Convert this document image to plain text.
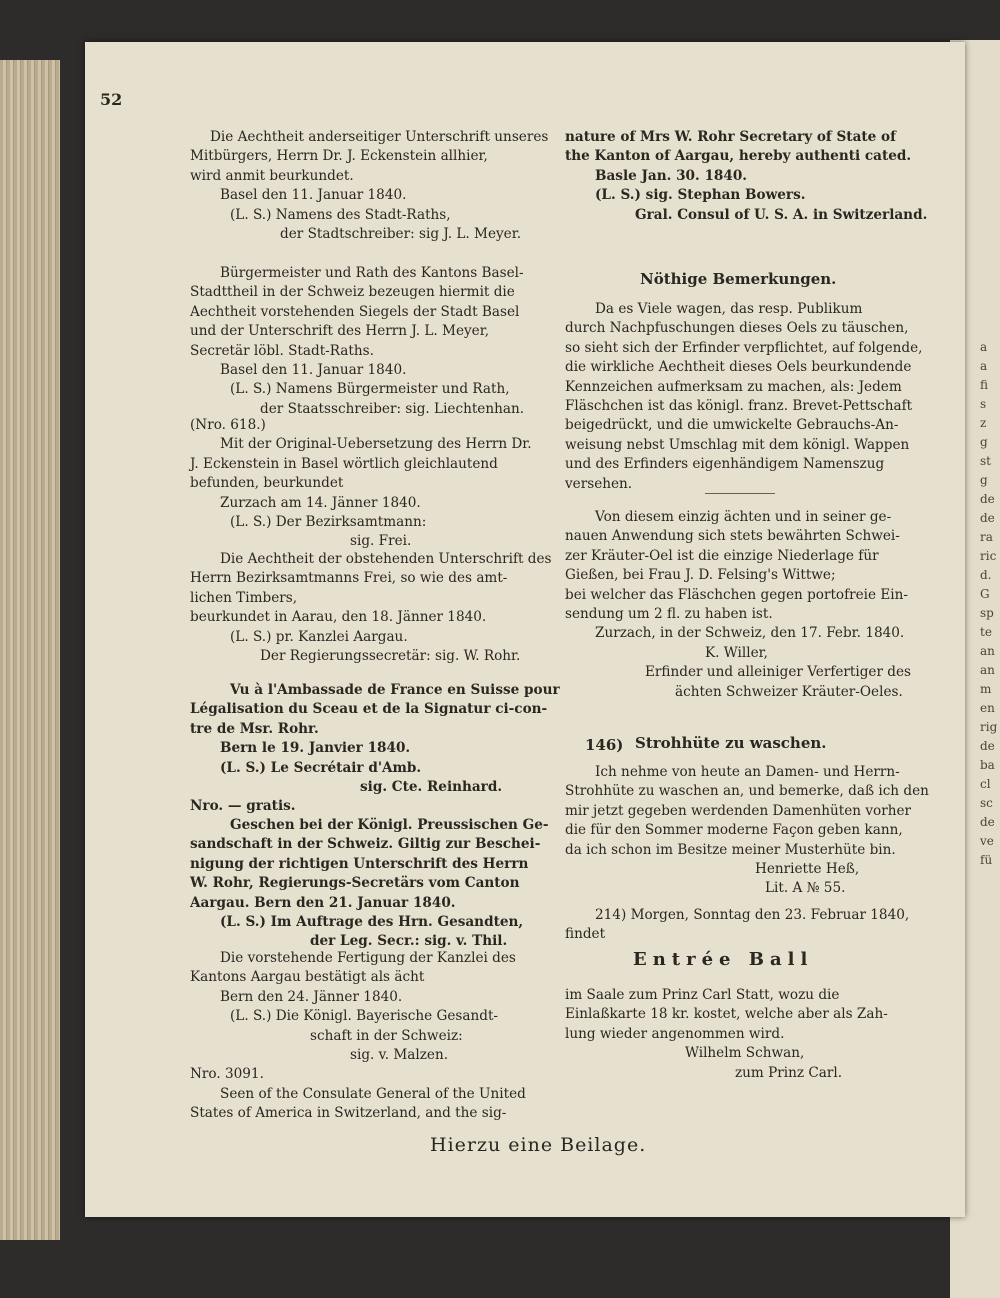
a
a
fi
s
z
g
st
g
de
de
ra
ric
d.
G
sp
te
an
an
m
en
rig
de
ba
cl
sc
de
ve
fü
52
Die Aechtheit anderseitiger Unterschrift unseres
Mitbürgers, Herrn Dr. J. Eckenstein allhier,
wird anmit beurkundet.
Basel den 11. Januar 1840.
(L. S.) Namens des Stadt-Raths,
der Stadtschreiber: sig J. L. Meyer.
Bürgermeister und Rath des Kantons Basel-
Stadttheil in der Schweiz bezeugen hiermit die
Aechtheit vorstehenden Siegels der Stadt Basel
und der Unterschrift des Herrn J. L. Meyer,
Secretär löbl. Stadt-Raths.
Basel den 11. Januar 1840.
(L. S.) Namens Bürgermeister und Rath,
der Staatsschreiber: sig. Liechtenhan.
(Nro. 618.)
Mit der Original-Uebersetzung des Herrn Dr.
J. Eckenstein in Basel wörtlich gleichlautend
befunden, beurkundet
Zurzach am 14. Jänner 1840.
(L. S.) Der Bezirksamtmann:
sig. Frei.
Die Aechtheit der obstehenden Unterschrift des
Herrn Bezirksamtmanns Frei, so wie des amt-
lichen Timbers,
beurkundet in Aarau, den 18. Jänner 1840.
(L. S.) pr. Kanzlei Aargau.
Der Regierungssecretär: sig. W. Rohr.
Vu à l'Ambassade de France en Suisse pour
Légalisation du Sceau et de la Signatur ci-con-
tre de Msr. Rohr.
Bern le 19. Janvier 1840.
(L. S.) Le Secrétair d'Amb.
sig. Cte. Reinhard.
Nro. — gratis.
Geschen bei der Königl. Preussischen Ge-
sandschaft in der Schweiz. Giltig zur Beschei-
nigung der richtigen Unterschrift des Herrn
W. Rohr, Regierungs-Secretärs vom Canton
Aargau. Bern den 21. Januar 1840.
(L. S.) Im Auftrage des Hrn. Gesandten,
der Leg. Secr.: sig. v. Thil.
Die vorstehende Fertigung der Kanzlei des
Kantons Aargau bestätigt als ächt
Bern den 24. Jänner 1840.
(L. S.) Die Königl. Bayerische Gesandt-
schaft in der Schweiz:
sig. v. Malzen.
Nro. 3091.
Seen of the Consulate General of the United
States of America in Switzerland, and the sig-
nature of Mrs W. Rohr Secretary of State of
the Kanton of Aargau, hereby authenti cated.
Basle Jan. 30. 1840.
(L. S.) sig. Stephan Bowers.
Gral. Consul of U. S. A. in Switzerland.
Nöthige Bemerkungen.
Da es Viele wagen, das resp. Publikum
durch Nachpfuschungen dieses Oels zu täuschen,
so sieht sich der Erfinder verpflichtet, auf folgende,
die wirkliche Aechtheit dieses Oels beurkundende
Kennzeichen aufmerksam zu machen, als: Jedem
Fläschchen ist das königl. franz. Brevet-Pettschaft
beigedrückt, und die umwickelte Gebrauchs-An-
weisung nebst Umschlag mit dem königl. Wappen
und des Erfinders eigenhändigem Namenszug
versehen.
Von diesem einzig ächten und in seiner ge-
nauen Anwendung sich stets bewährten Schwei-
zer Kräuter-Oel ist die einzige Niederlage für
Gießen, bei Frau J. D. Felsing's Wittwe;
bei welcher das Fläschchen gegen portofreie Ein-
sendung um 2 fl. zu haben ist.
Zurzach, in der Schweiz, den 17. Febr. 1840.
K. Willer,
Erfinder und alleiniger Verfertiger des
ächten Schweizer Kräuter-Oeles.
146) Strohhüte zu waschen.
Ich nehme von heute an Damen- und Herrn-
Strohhüte zu waschen an, und bemerke, daß ich den
mir jetzt gegeben werdenden Damenhüten vorher
die für den Sommer moderne Façon geben kann,
da ich schon im Besitze meiner Musterhüte bin.
Henriette Heß,
Lit. A № 55.
214) Morgen, Sonntag den 23. Februar 1840,
findet
Entrée Ball
im Saale zum Prinz Carl Statt, wozu die
Einlaßkarte 18 kr. kostet, welche aber als Zah-
lung wieder angenommen wird.
Wilhelm Schwan,
zum Prinz Carl.
Hierzu eine Beilage.
